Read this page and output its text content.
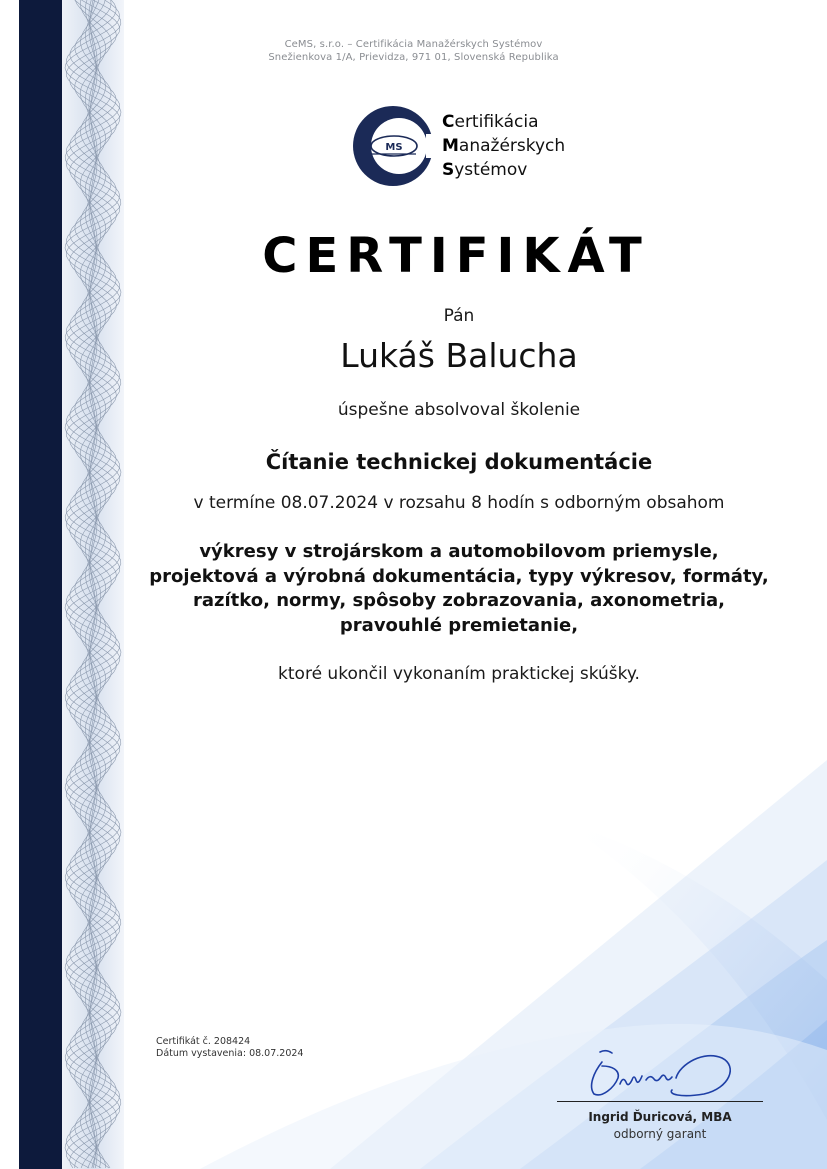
CeMS, s.r.o. – Certifikácia Manažérskych Systémov
Snežienkova 1/A, Prievidza, 971 01, Slovenská Republika
MS
Certifikácia
Manažérskych
Systémov
CERTIFIKÁT
Pán
Lukáš Balucha
úspešne absolvoval školenie
Čítanie technickej dokumentácie
v termíne 08.07.2024 v rozsahu 8 hodín s odborným obsahom
výkresy v strojárskom a automobilovom priemysle,
projektová a výrobná dokumentácia, typy výkresov, formáty,
razítko, normy, spôsoby zobrazovania, axonometria,
pravouhlé premietanie,
ktoré ukončil vykonaním praktickej skúšky.
Certifikát č. 208424
Dátum vystavenia: 08.07.2024
Ingrid Ďuricová, MBA
odborný garant
